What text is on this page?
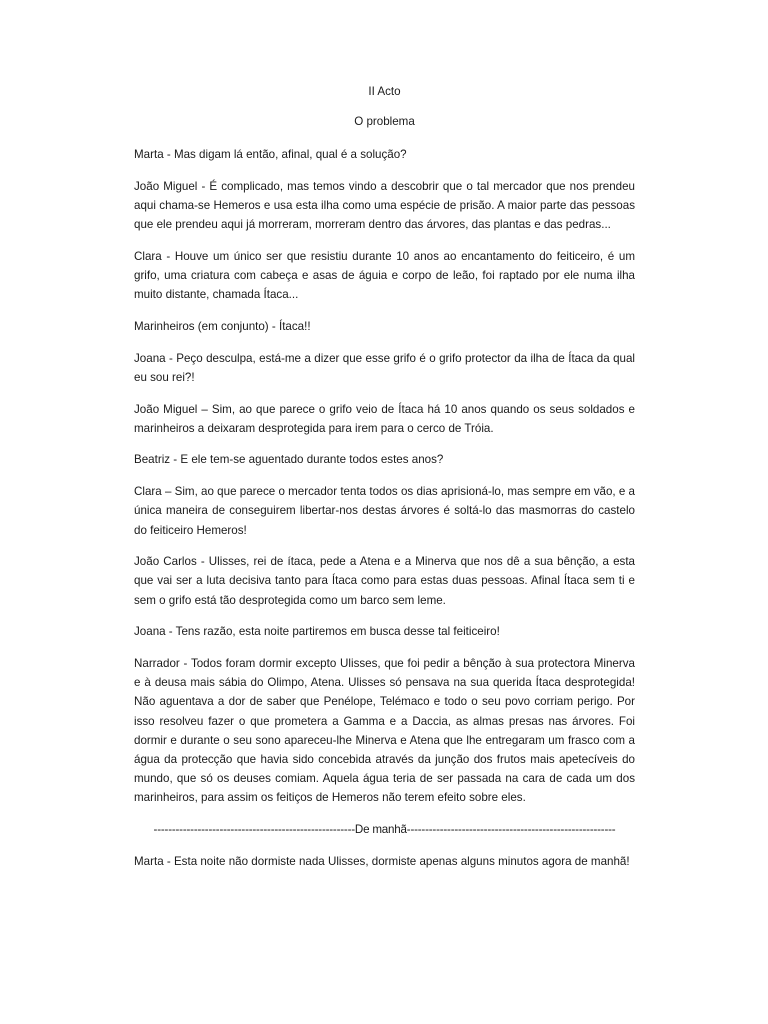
II Acto

O problema

Marta - Mas digam lá então, afinal, qual é a solução?

João Miguel - É complicado, mas temos vindo a descobrir que o tal mercador que nos prendeu aqui chama-se Hemeros e usa esta ilha como uma espécie de prisão. A maior parte das pessoas que ele prendeu aqui já morreram, morreram dentro das árvores, das plantas e das pedras...

Clara - Houve um único ser que resistiu durante 10 anos ao encantamento do feiticeiro, é um grifo, uma criatura com cabeça e asas de águia e corpo de leão, foi raptado por ele numa ilha muito distante, chamada Ítaca...

Marinheiros (em conjunto) - Ítaca!!

Joana - Peço desculpa, está-me a dizer que esse grifo é o grifo protector da ilha de Ítaca da qual eu sou rei?!

João Miguel – Sim, ao que parece o grifo veio de Ítaca há 10 anos quando os seus soldados e marinheiros a deixaram desprotegida para irem para o cerco de Tróia.

Beatriz - E ele tem-se aguentado durante todos estes anos?

Clara – Sim, ao que parece o mercador tenta todos os dias aprisioná-lo, mas sempre em vão, e a única maneira de conseguirem libertar-nos destas árvores é soltá-lo das masmorras do castelo do feiticeiro Hemeros!

João Carlos - Ulisses, rei de ítaca, pede a Atena e a Minerva que nos dê a sua bênção, a esta que vai ser a luta decisiva tanto para Ítaca como para estas duas pessoas. Afinal Ítaca sem ti e sem o grifo está tão desprotegida como um barco sem leme.

Joana - Tens razão, esta noite partiremos em busca desse tal feiticeiro!

Narrador - Todos foram dormir excepto Ulisses, que foi pedir a bênção à sua protectora Minerva e à deusa mais sábia do Olimpo, Atena. Ulisses só pensava na sua querida Ítaca desprotegida! Não aguentava a dor de saber que Penélope, Telémaco e todo o seu povo corriam perigo. Por isso resolveu fazer o que prometera a Gamma e a Daccia, as almas presas nas árvores. Foi dormir e durante o seu sono apareceu-lhe Minerva e Atena que lhe entregaram um frasco com a água da protecção que havia sido concebida através da junção dos frutos mais apetecíveis do mundo, que só os deuses comiam. Aquela água teria de ser passada na cara de cada um dos marinheiros, para assim os feitiços de Hemeros não terem efeito sobre eles.

-------------------------------------------------------De manhã---------------------------------------------------------

Marta - Esta noite não dormiste nada Ulisses, dormiste apenas alguns minutos agora de manhã!
